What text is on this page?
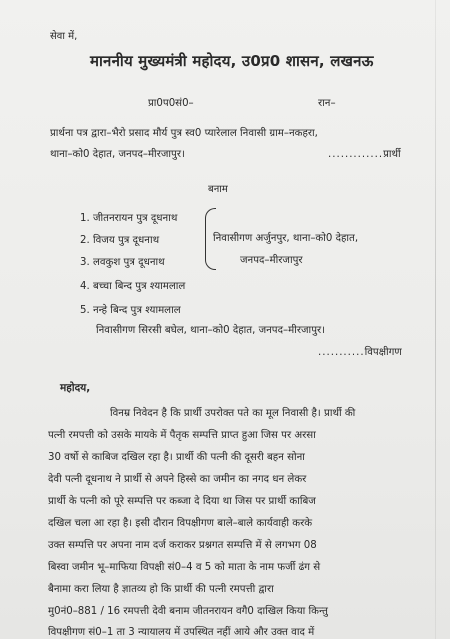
सेवा में,
माननीय मुख्यमंत्री महोदय, उ0प्र0 शासन, लखनऊ
प्रा0प0सं0–	रान–
प्रार्थना पत्र द्वारा–भैरो प्रसाद मौर्य पुत्र स्व0 प्यारेलाल निवासी ग्राम–नकहरा,
थाना–को0 देहात, जनपद–मीरजापुर।	.............प्रार्थी
बनाम
1. जीतनरायन पुत्र दूधनाथ
2. विजय पुत्र दूधनाथ
3. लवकुश पुत्र दूधनाथ
निवासीगण अर्जुनपुर, थाना–को0 देहात,
जनपद–मीरजापुर
4. बच्चा बिन्द पुत्र श्यामलाल
5. नन्हे बिन्द पुत्र श्यामलाल
निवासीगण सिरसी बघेल, थाना–को0 देहात, जनपद–मीरजापुर।
...........विपक्षीगण
महोदय,
विनम्र निवेदन है कि प्रार्थी उपरोक्त पते का मूल निवासी है। प्रार्थी की
पत्नी रमपत्ती को उसके मायके में पैतृक सम्पत्ति प्राप्त हुआ जिस पर अरसा
30 वर्षो से काबिज दखिल रहा है। प्रार्थी की पत्नी की दूसरी बहन सोना
देवी पत्नी दूधनाथ ने प्रार्थी से अपने हिस्से का जमीन का नगद धन लेकर
प्रार्थी के पत्नी को पूरे सम्पत्ति पर कब्जा दे दिया था जिस पर प्रार्थी काबिज
दखिल चला आ रहा है। इसी दौरान विपक्षीगण बाले–बाले कार्यवाही करके
उक्त सम्पत्ति पर अपना नाम दर्ज कराकर प्रश्नगत सम्पत्ति में से लगभग 08
बिस्वा जमीन भू–माफिया विपक्षी सं0–4 व 5 को माता के नाम फर्जी ढंग से
बैनामा करा लिया है ज्ञातव्य हो कि प्रार्थी की पत्नी रमपत्ती द्वारा
मु0नं0–881 / 16 रमपत्ती देवी बनाम जीतनरायन वगै0 दाखिल किया किन्तु
विपक्षीगण सं0–1 ता 3 न्यायालय में उपस्थित नहीं आये और उक्त वाद में
